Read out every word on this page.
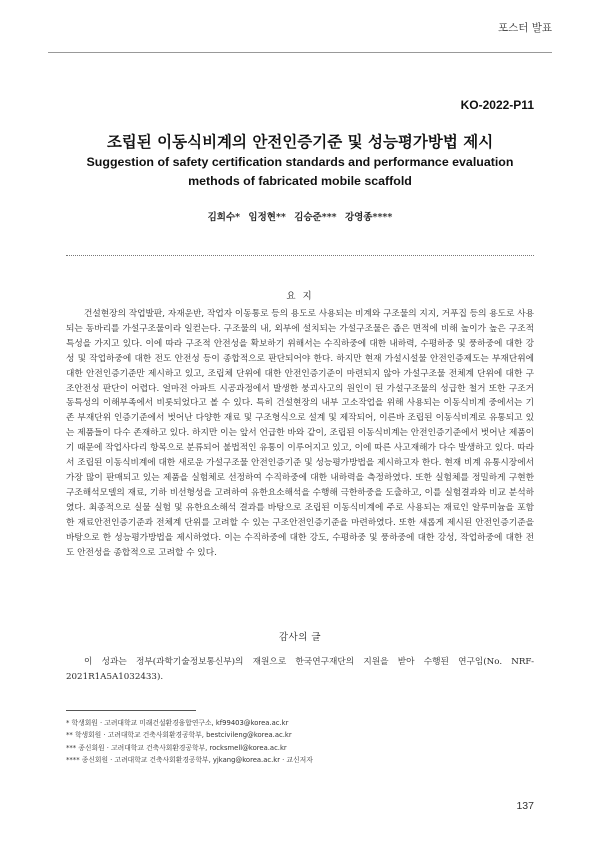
포스터 발표
KO-2022-P11
조립된 이동식비계의 안전인증기준 및 성능평가방법 제시
Suggestion of safety certification standards and performance evaluation methods of fabricated mobile scaffold
김희수* 임정현** 김승준*** 강영종****
요 지

건설현장의 작업발판, 자재운반, 작업자 이동통로 등의 용도로 사용되는 비계와 구조물의 지지, 거푸집 등의 용도로 사용되는 동바리를 가설구조물이라 일컫는다. 구조물의 내, 외부에 설치되는 가설구조물은 좁은 면적에 비해 높이가 높은 구조적 특성을 가지고 있다. 이에 따라 구조적 안전성을 확보하기 위해서는 수직하중에 대한 내하력, 수평하중 및 풍하중에 대한 강성 및 작업하중에 대한 전도 안전성 등이 종합적으로 판단되어야 한다. 하지만 현재 가설시설물 안전인증제도는 부재단위에 대한 안전인증기준만 제시하고 있고, 조립체 단위에 대한 안전인증기준이 마련되지 않아 가설구조물 전체계 단위에 대한 구조안전성 판단이 어렵다. 얼마전 아파트 시공과정에서 발생한 붕괴사고의 원인이 된 가설구조물의 성급한 철거 또한 구조거동특성의 이해부족에서 비롯되었다고 볼 수 있다. 특히 건설현장의 내부 고소작업을 위해 사용되는 이동식비계 중에서는 기존 부재단위 인증기준에서 벗어난 다양한 재료 및 구조형식으로 설계 및 제작되어, 이른바 조립된 이동식비계로 유통되고 있는 제품들이 다수 존재하고 있다. 하지만 이는 앞서 언급한 바와 같이, 조립된 이동식비계는 안전인증기준에서 벗어난 제품이기 때문에 작업사다리 항목으로 분류되어 불법적인 유통이 이루어지고 있고, 이에 따른 사고재해가 다수 발생하고 있다. 따라서 조립된 이동식비계에 대한 새로운 가설구조물 안전인증기준 및 성능평가방법을 제시하고자 한다. 현재 비계 유통시장에서 가장 많이 판매되고 있는 제품을 실험체로 선정하여 수직하중에 대한 내하력을 측정하였다. 또한 실험체를 정밀하게 구현한 구조해석모델의 재료, 기하 비선형성을 고려하여 유한요소해석을 수행해 극한하중을 도출하고, 이를 실험결과와 비교 분석하였다. 최종적으로 실물 실험 및 유한요소해석 결과를 바탕으로 조립된 이동식비계에 주로 사용되는 재료인 알루미늄을 포함한 재료안전인증기준과 전체계 단위를 고려할 수 있는 구조안전인증기준을 마련하였다. 또한 새롭게 제시된 안전인증기준을 바탕으로 한 성능평가방법을 제시하였다. 이는 수직하중에 대한 강도, 수평하중 및 풍하중에 대한 강성, 작업하중에 대한 전도 안전성을 종합적으로 고려할 수 있다.

감사의 글

이 성과는 정부(과학기술정보통신부)의 재원으로 한국연구재단의 지원을 받아 수행된 연구임(No. NRF-2021R1A5A1032433).

* 학생회원 · 고려대학교 미래건설환경융합연구소, kf99403@korea.ac.kr
** 학생회원 · 고려대학교 건축사회환경공학부, bestcivileng@korea.ac.kr
*** 종신회원 · 고려대학교 건축사회환경공학부, rocksmell@korea.ac.kr
**** 종신회원 · 고려대학교 건축사회환경공학부, yjkang@korea.ac.kr · 교신저자
137
